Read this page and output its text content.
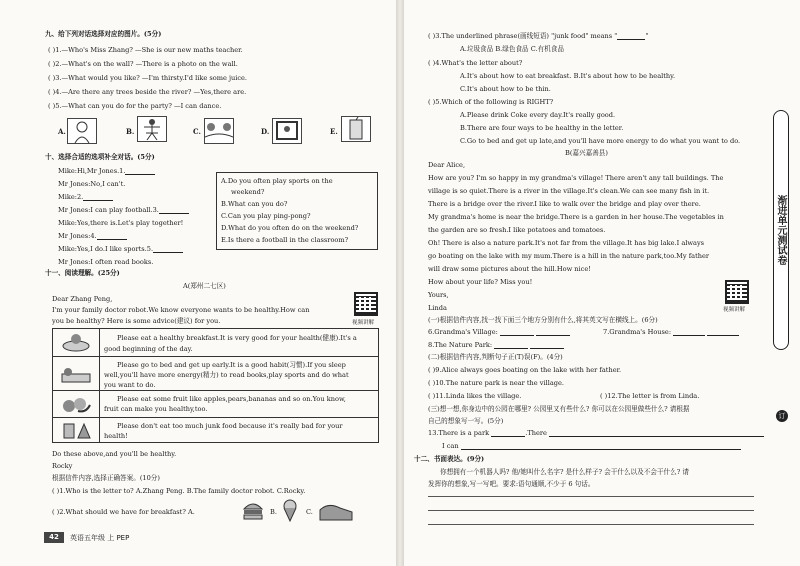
九、给下列对话选择对应的图片。(5分)
( )1.—Who's Miss Zhang? —She is our new maths teacher.
( )2.—What's on the wall? —There is a photo on the wall.
( )3.—What would you like? —I'm thirsty.I'd like some juice.
( )4.—Are there any trees beside the river? —Yes,there are.
( )5.—What can you do for the party? —I can dance.
A.	B.	C.	D.	E.
十、选择合适的选项补全对话。(5分)
Mike:Hi,Mr Jones.1.
Mr Jones:No,I can't.
Mike:2.
Mr Jones:I can play football.3.
Mike:Yes,there is.Let's play together!
Mr Jones:4.
Mike:Yes,I do.I like sports.5.
Mr Jones:I often read books.
A.Do you often play sports on the
weekend?
B.What can you do?
C.Can you play ping-pong?
D.What do you often do on the weekend?
E.Is there a football in the classroom?
十一、阅读理解。(25分)
A(郑州二七区)
Dear Zhang Peng,
I'm your family doctor robot.We know everyone wants to be healthy.How can
you be healthy? Here is some advice(建议) for you.	视频讲解
Please eat a healthy breakfast.It is very good for your health(健康).It's a
good beginning of the day.
Please go to bed and get up early.It is a good habit(习惯).If you sleep
well,you'll have more energy(精力) to read books,play sports and do what
you want to do.
Please eat some fruit like apples,pears,bananas and so on.You know,
fruit can make you healthy,too.
Please don't eat too much junk food because it's really bad for your
health!
Do these above,and you'll be healthy.
Rocky
根据信件内容,选择正确答案。(10分)
( )1.Who is the letter to? A.Zhang Peng. B.The family doctor robot. C.Rocky.
( )2.What should we have for breakfast? A.	B.	C.
42	英语五年级 上 PEP
( )3.The underlined phrase(画线短语) "junk food" means "	"
A.垃圾食品 B.绿色食品 C.有机食品
( )4.What's the letter about?
A.It's about how to eat breakfast. B.It's about how to be healthy.
C.It's about how to be thin.
( )5.Which of the following is RIGHT?
A.Please drink Coke every day.It's really good.
B.There are four ways to be healthy in the letter.
C.Go to bed and get up late,and you'll have more energy to do what you want to do.
B(嘉兴嘉善县)
Dear Alice,
How are you? I'm so happy in my grandma's village! There aren't any tall buildings. The
village is so quiet.There is a river in the village.It's clean.We can see many fish in it.
There is a bridge over the river.I like to walk over the bridge and play over there.
My grandma's home is near the bridge.There is a garden in her house.The vegetables in
the garden are so fresh.I like potatoes and tomatoes.
Oh! There is also a nature park.It's not far from the village.It has big lake.I always
go boating on the lake with my mum.There is a hill in the nature park,too.My father
will draw some pictures about the hill.How nice!
How about your life? Miss you!
Yours,
Linda	视频讲解
(一)根据信件内容,找一找下面三个地方分别有什么,将其英文写在横线上。(6分)
6.Grandma's Village:	7.Grandma's House:
8.The Nature Park:
(二)根据信件内容,判断句子正(T)误(F)。(4分)
( )9.Alice always goes boating on the lake with her father.
( )10.The nature park is near the village.
( )11.Linda likes the village.	( )12.The letter is from Linda.
(三)想一想,你身边中的公园在哪里? 公园里又有些什么? 你可以在公园里做些什么? 请根据
自己的想象写一写。(5分)
13.There is a park	.There
I can
十二、书面表达。(9分)
你想拥有一个机器人吗? 他/她叫什么名字? 是什么样子? 会干什么以及不会干什么? 请
发挥你的想象,写一写吧。要求:语句通顺,不少于 6 句话。
渐进单元测试卷
订
